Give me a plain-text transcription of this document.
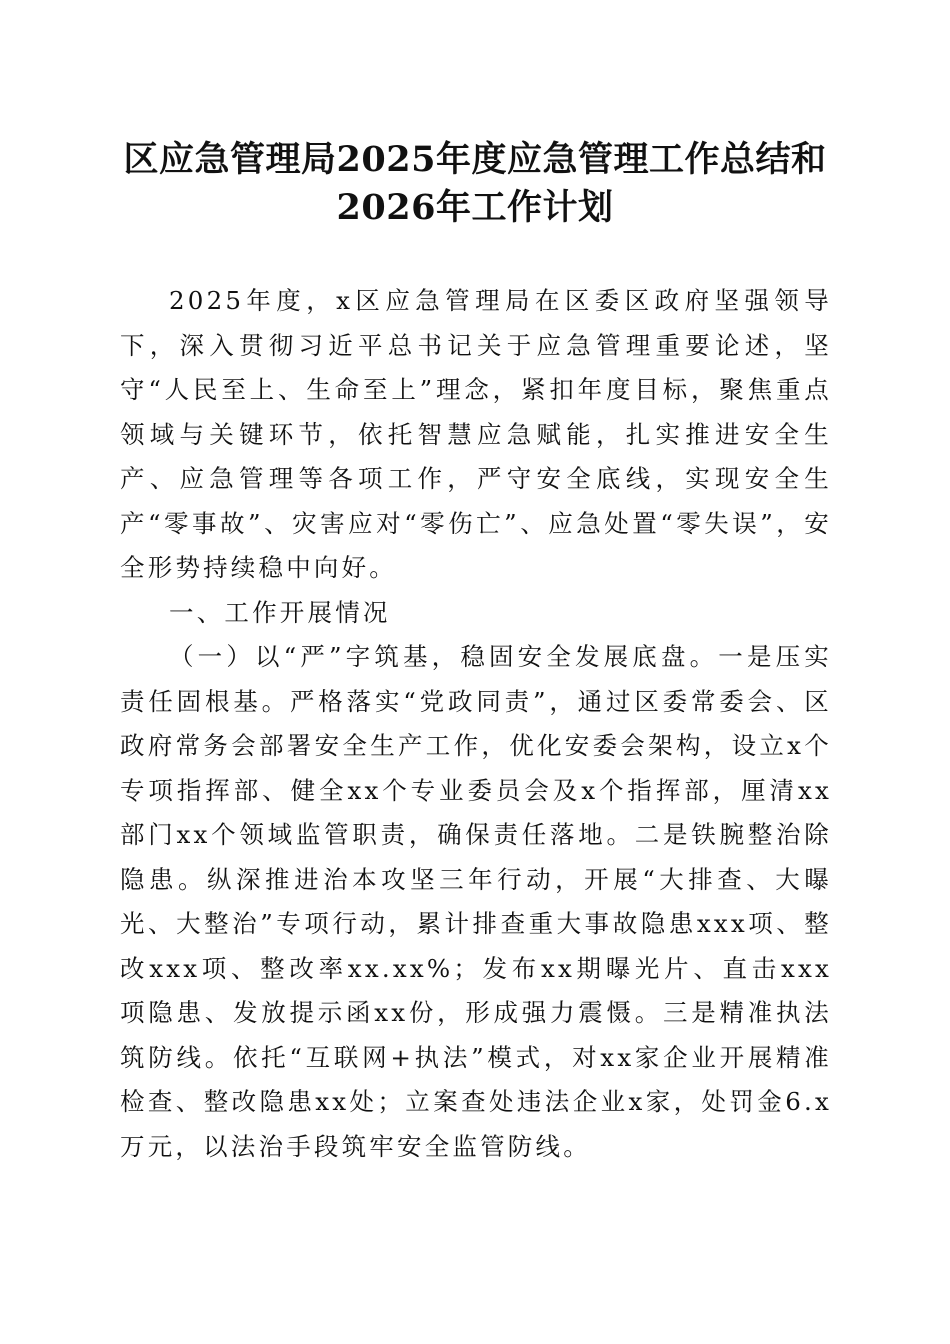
区应急管理局2025年度应急管理工作总结和
2026年工作计划

2025年度，x区应急管理局在区委区政府坚强领导下，深入贯彻习近平总书记关于应急管理重要论述，坚守“人民至上、生命至上”理念，紧扣年度目标，聚焦重点领域与关键环节，依托智慧应急赋能，扎实推进安全生产、应急管理等各项工作，严守安全底线，实现安全生产“零事故”、灾害应对“零伤亡”、应急处置“零失误”，安全形势持续稳中向好。

一、工作开展情况

（一）以“严”字筑基，稳固安全发展底盘。一是压实责任固根基。严格落实“党政同责”，通过区委常委会、区政府常务会部署安全生产工作，优化安委会架构，设立x个专项指挥部、健全xx个专业委员会及x个指挥部，厘清xx部门xx个领域监管职责，确保责任落地。二是铁腕整治除隐患。纵深推进治本攻坚三年行动，开展“大排查、大曝光、大整治”专项行动，累计排查重大事故隐患xxx项、整改xxx项、整改率xx.xx%；发布xx期曝光片、直击xxx项隐患、发放提示函xx份，形成强力震慑。三是精准执法筑防线。依托“互联网+执法”模式，对xx家企业开展精准检查、整改隐患xx处；立案查处违法企业x家，处罚金6.x万元，以法治手段筑牢安全监管防线。
